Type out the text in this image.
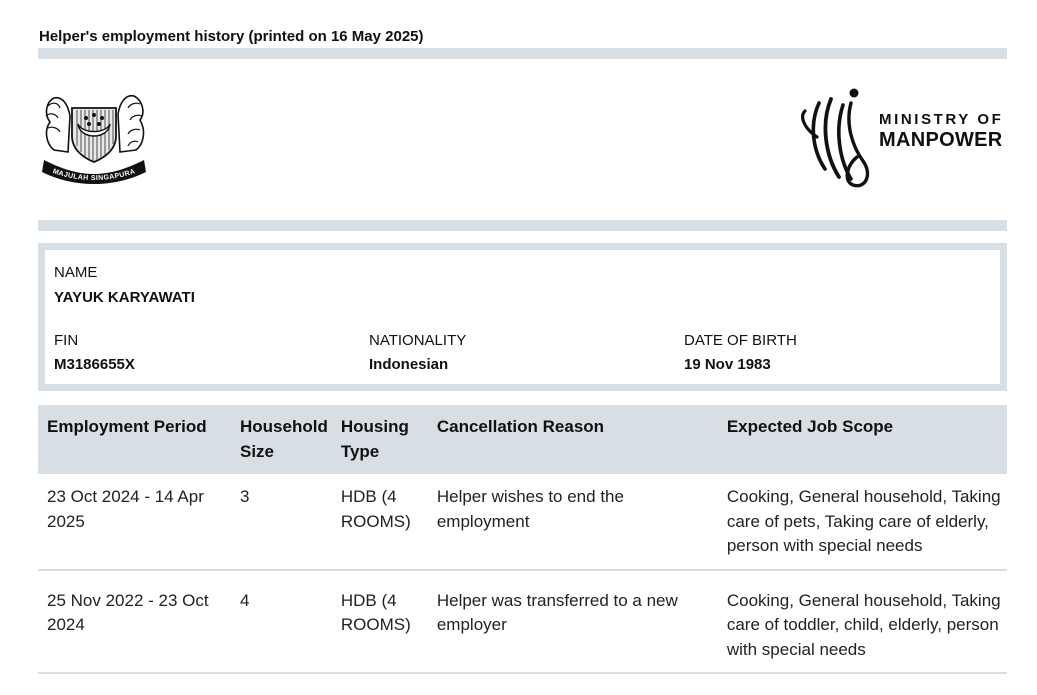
Helper's employment history (printed on 16 May 2025)
MAJULAH SINGAPURA
MINISTRY OF
MANPOWER
NAME
YAYUK KARYAWATI
FIN
M3186655X
NATIONALITY
Indonesian
DATE OF BIRTH
19 Nov 1983
Employment Period	Household Size	Housing Type	Cancellation Reason	Expected Job Scope
23 Oct 2024 - 14 Apr 2025	3	HDB (4 ROOMS)	Helper wishes to end the employment	Cooking, General household, Taking care of pets, Taking care of elderly, person with special needs
25 Nov 2022 - 23 Oct 2024	4	HDB (4 ROOMS)	Helper was transferred to a new employer	Cooking, General household, Taking care of toddler, child, elderly, person with special needs
